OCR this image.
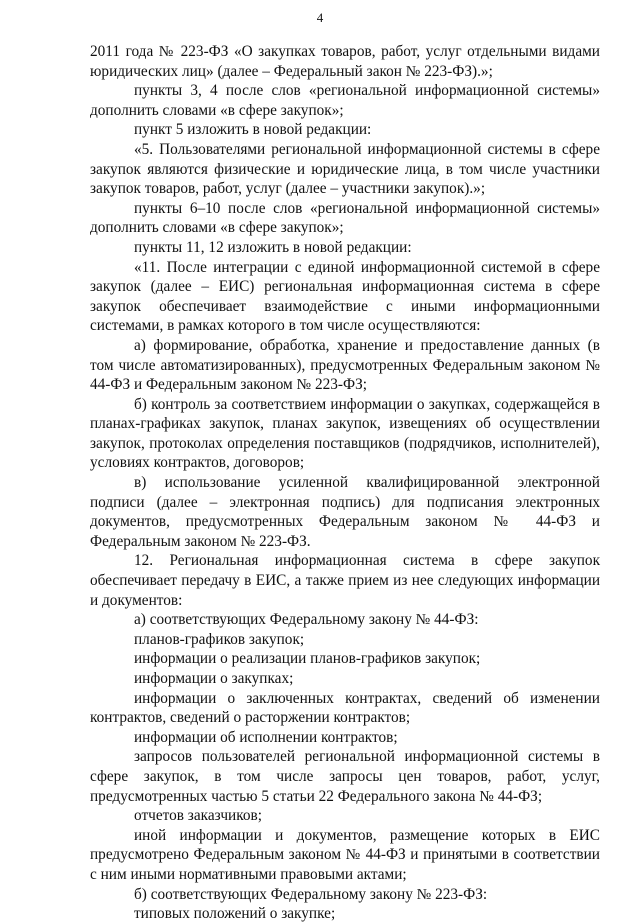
4

2011 года № 223-ФЗ «О закупках товаров, работ, услуг отдельными видами юридических лиц» (далее – Федеральный закон № 223-ФЗ).»;

пункты 3, 4 после слов «региональной информационной системы» дополнить словами «в сфере закупок»;

пункт 5 изложить в новой редакции:

«5. Пользователями региональной информационной системы в сфере закупок являются физические и юридические лица, в том числе участники закупок товаров, работ, услуг (далее – участники закупок).»;

пункты 6–10 после слов «региональной информационной системы» дополнить словами «в сфере закупок»;

пункты 11, 12 изложить в новой редакции:

«11. После интеграции с единой информационной системой в сфере закупок (далее – ЕИС) региональная информационная система в сфере закупок обеспечивает взаимодействие с иными информационными системами, в рамках которого в том числе осуществляются:

а) формирование, обработка, хранение и предоставление данных (в том числе автоматизированных), предусмотренных Федеральным законом № 44-ФЗ и Федеральным законом № 223-ФЗ;

б) контроль за соответствием информации о закупках, содержащейся в планах-графиках закупок, планах закупок, извещениях об осуществлении закупок, протоколах определения поставщиков (подрядчиков, исполнителей), условиях контрактов, договоров;

в) использование усиленной квалифицированной электронной подписи (далее – электронная подпись) для подписания электронных документов, предусмотренных Федеральным законом № 44-ФЗ и Федеральным законом № 223-ФЗ.

12. Региональная информационная система в сфере закупок обеспечивает передачу в ЕИС, а также прием из нее следующих информации и документов:

а) соответствующих Федеральному закону № 44-ФЗ:

планов-графиков закупок;

информации о реализации планов-графиков закупок;

информации о закупках;

информации о заключенных контрактах, сведений об изменении контрактов, сведений о расторжении контрактов;

информации об исполнении контрактов;

запросов пользователей региональной информационной системы в сфере закупок, в том числе запросы цен товаров, работ, услуг, предусмотренных частью 5 статьи 22 Федерального закона № 44-ФЗ;

отчетов заказчиков;

иной информации и документов, размещение которых в ЕИС предусмотрено Федеральным законом № 44-ФЗ и принятыми в соответствии с ним иными нормативными правовыми актами;

б) соответствующих Федеральному закону № 223-ФЗ:

типовых положений о закупке;
